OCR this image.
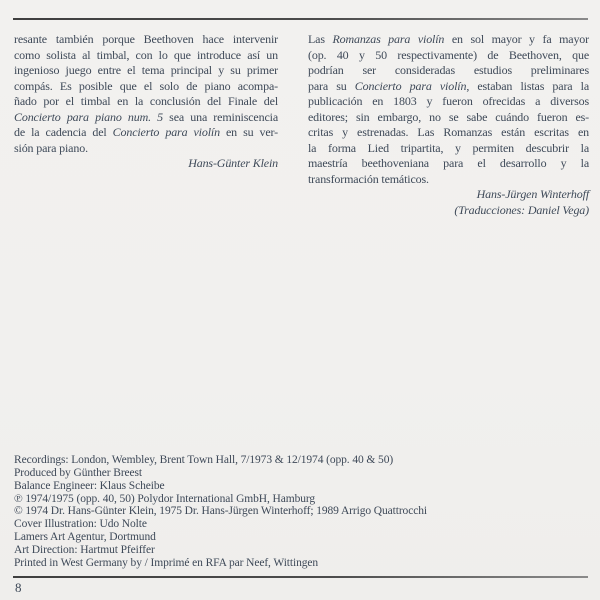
resante también porque Beethoven hace intervenir
como solista al timbal, con lo que introduce así un
ingenioso juego entre el tema principal y su primer
compás. Es posible que el solo de piano acompa-
ñado por el timbal en la conclusión del Finale del
Concierto para piano num. 5 sea una reminiscencia
de la cadencia del Concierto para violín en su ver-
sión para piano.
Hans-Günter Klein
Las Romanzas para violín en sol mayor y fa mayor
(op. 40 y 50 respectivamente) de Beethoven, que
podrían ser consideradas estudios preliminares
para su Concierto para violín, estaban listas para la
publicación en 1803 y fueron ofrecidas a diversos
editores; sin embargo, no se sabe cuándo fueron es-
critas y estrenadas. Las Romanzas están escritas en
la forma Lied tripartita, y permiten descubrir la
maestría beethoveniana para el desarrollo y la
transformación temáticos.
Hans-Jürgen Winterhoff
(Traducciones: Daniel Vega)
Recordings: London, Wembley, Brent Town Hall, 7/1973 & 12/1974 (opp. 40 & 50)
Produced by Günther Breest
Balance Engineer: Klaus Scheibe
℗ 1974/1975 (opp. 40, 50) Polydor International GmbH, Hamburg
© 1974 Dr. Hans-Günter Klein, 1975 Dr. Hans-Jürgen Winterhoff; 1989 Arrigo Quattrocchi
Cover Illustration: Udo Nolte
Lamers Art Agentur, Dortmund
Art Direction: Hartmut Pfeiffer
Printed in West Germany by / Imprimé en RFA par Neef, Wittingen
8
